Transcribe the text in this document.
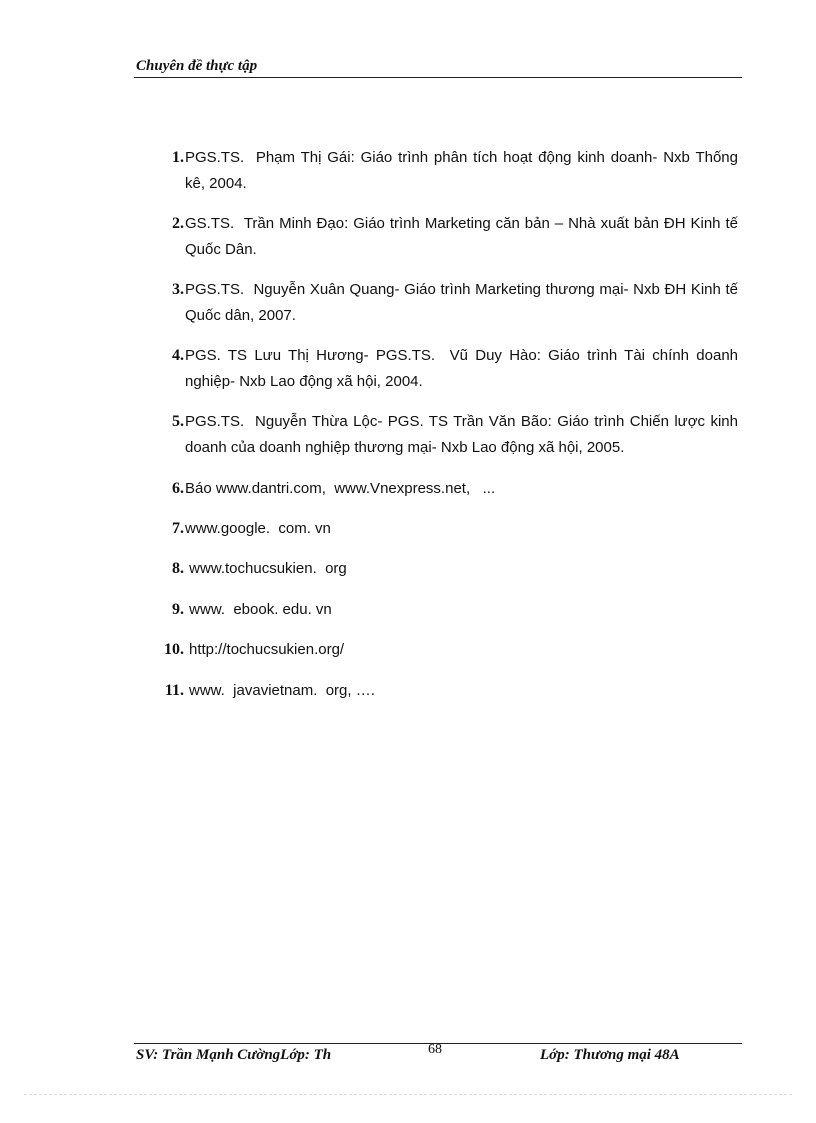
Chuyên đề thực tập
1. PGS.TS.  Phạm Thị Gái: Giáo trình phân tích hoạt động kinh doanh- Nxb Thống kê, 2004.
2. GS.TS.  Trần Minh Đạo: Giáo trình Marketing căn bản – Nhà xuất bản ĐH Kinh tế Quốc Dân.
3. PGS.TS.  Nguyễn Xuân Quang- Giáo trình Marketing thương mại- Nxb ĐH Kinh tế Quốc dân, 2007.
4. PGS. TS Lưu Thị Hương- PGS.TS.  Vũ Duy Hào: Giáo trình Tài chính doanh nghiệp- Nxb Lao động xã hội, 2004.
5. PGS.TS.  Nguyễn Thừa Lộc- PGS. TS Trần Văn Bão: Giáo trình Chiến lược kinh doanh của doanh nghiệp thương mại- Nxb Lao động xã hội, 2005.
6. Báo www.dantri.com,  www.Vnexpress.net,   ...
7. www.google.  com. vn
8. www.tochucsukien.  org
9. www.  ebook. edu. vn
10. http://tochucsukien.org/
11. www.  javavietnam.  org, ….
SV: Trần Mạnh CườngLớp: Th	68	Lớp: Thương mại 48A
